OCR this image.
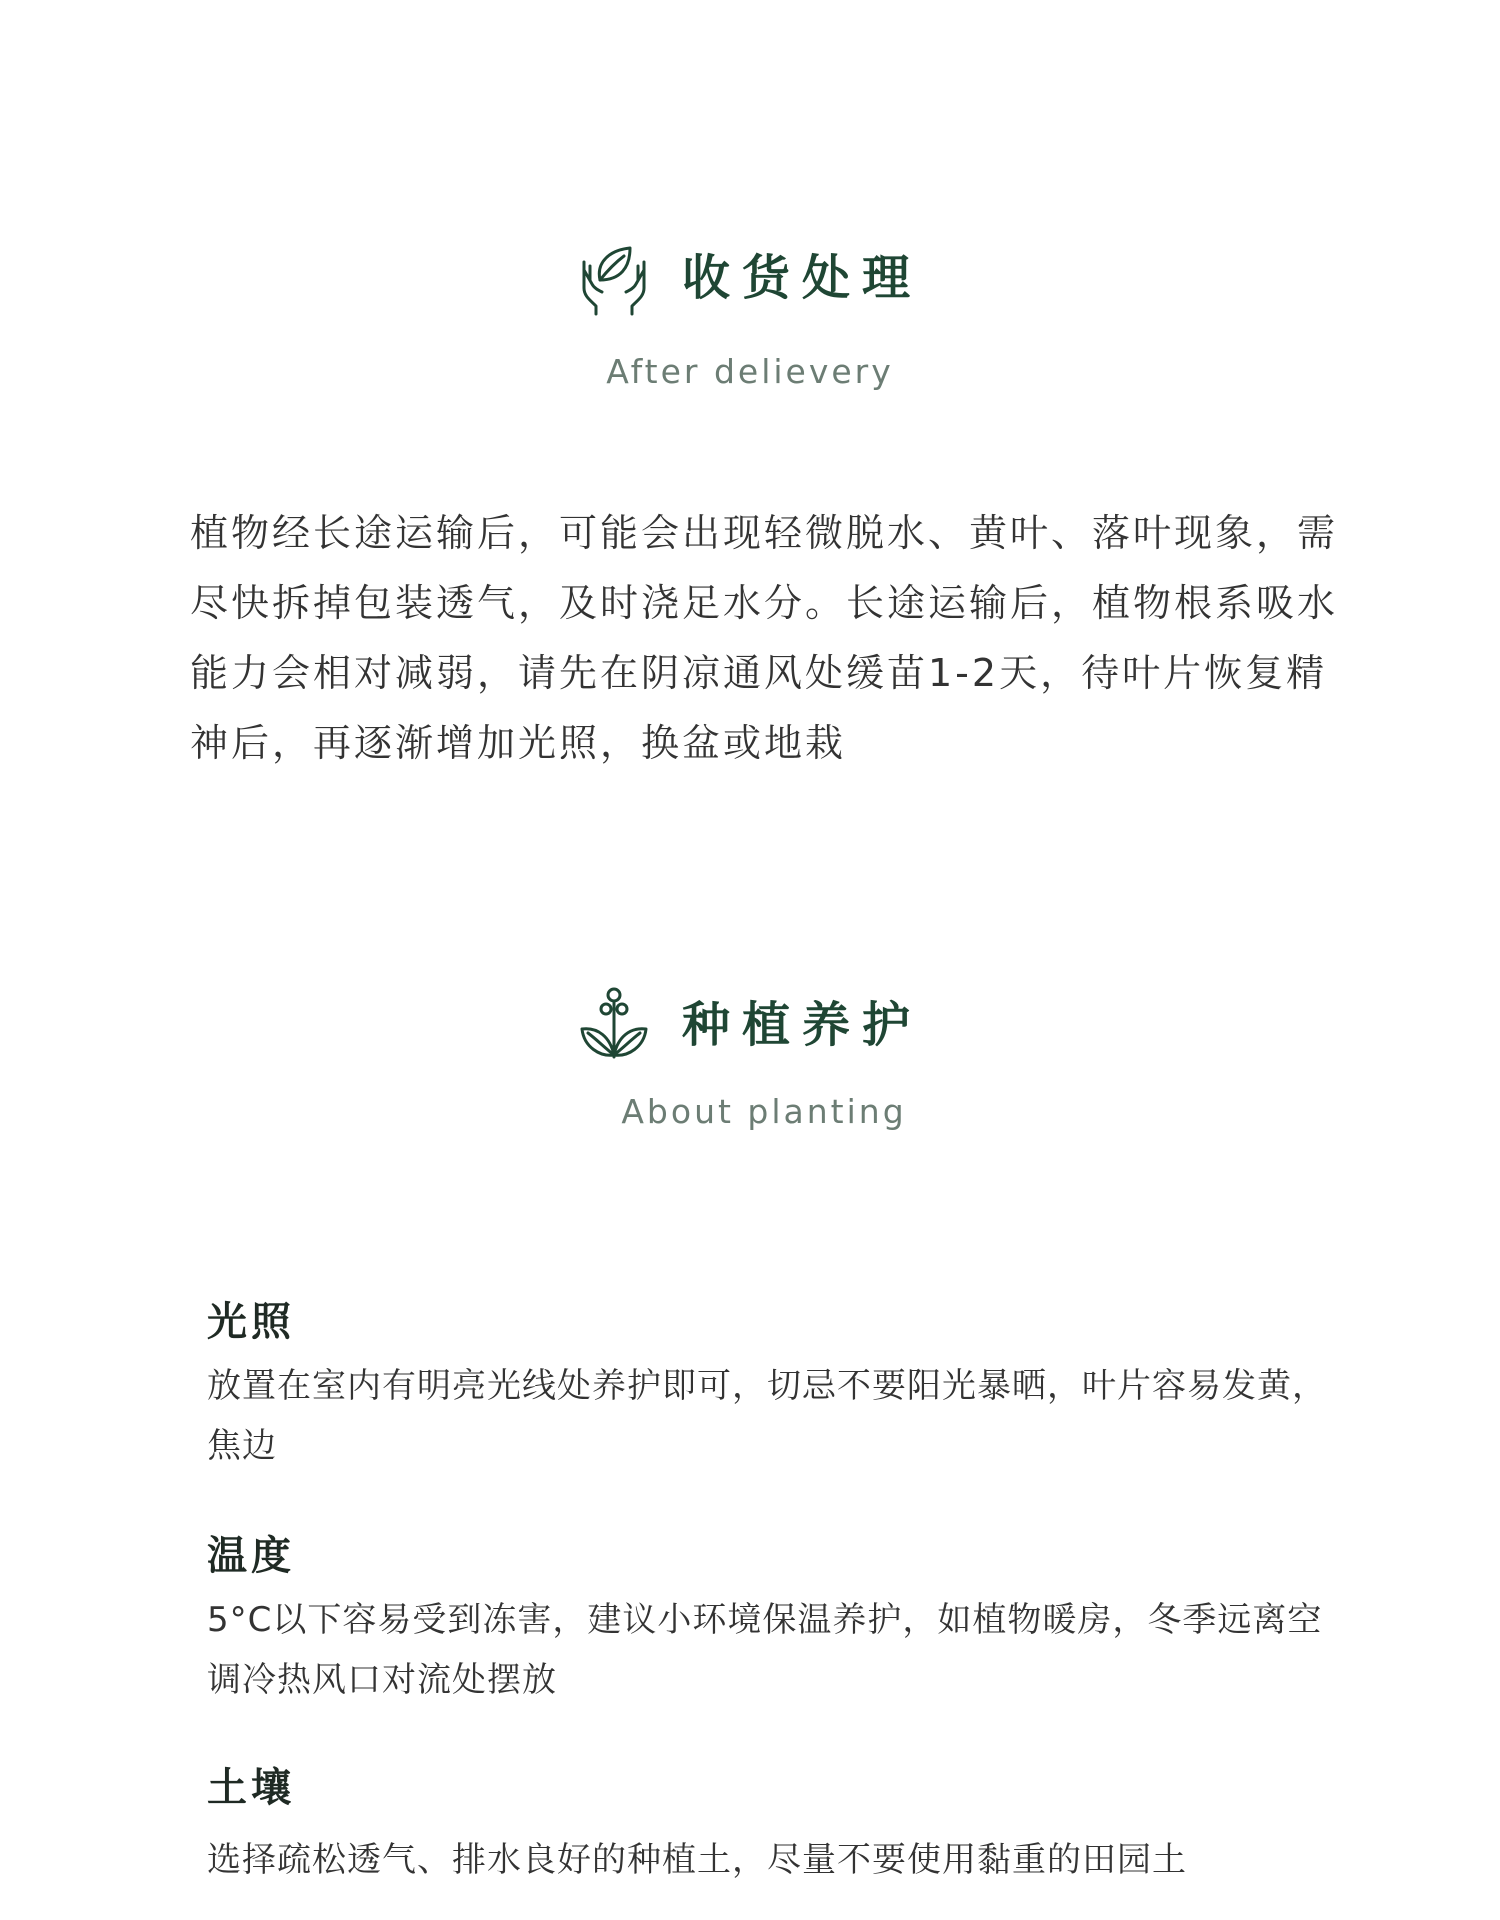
收货处理
After delievery

植物经长途运输后，可能会出现轻微脱水、黄叶、落叶现象，需尽快拆掉包装透气，及时浇足水分。长途运输后，植物根系吸水能力会相对减弱，请先在阴凉通风处缓苗1-2天，待叶片恢复精神后，再逐渐增加光照，换盆或地栽

种植养护
About planting
光照

放置在室内有明亮光线处养护即可，切忌不要阳光暴晒，叶片容易发黄，焦边

温度

5°C以下容易受到冻害，建议小环境保温养护，如植物暖房，冬季远离空调冷热风口对流处摆放

土壤

选择疏松透气、排水良好的种植土，尽量不要使用黏重的田园土
